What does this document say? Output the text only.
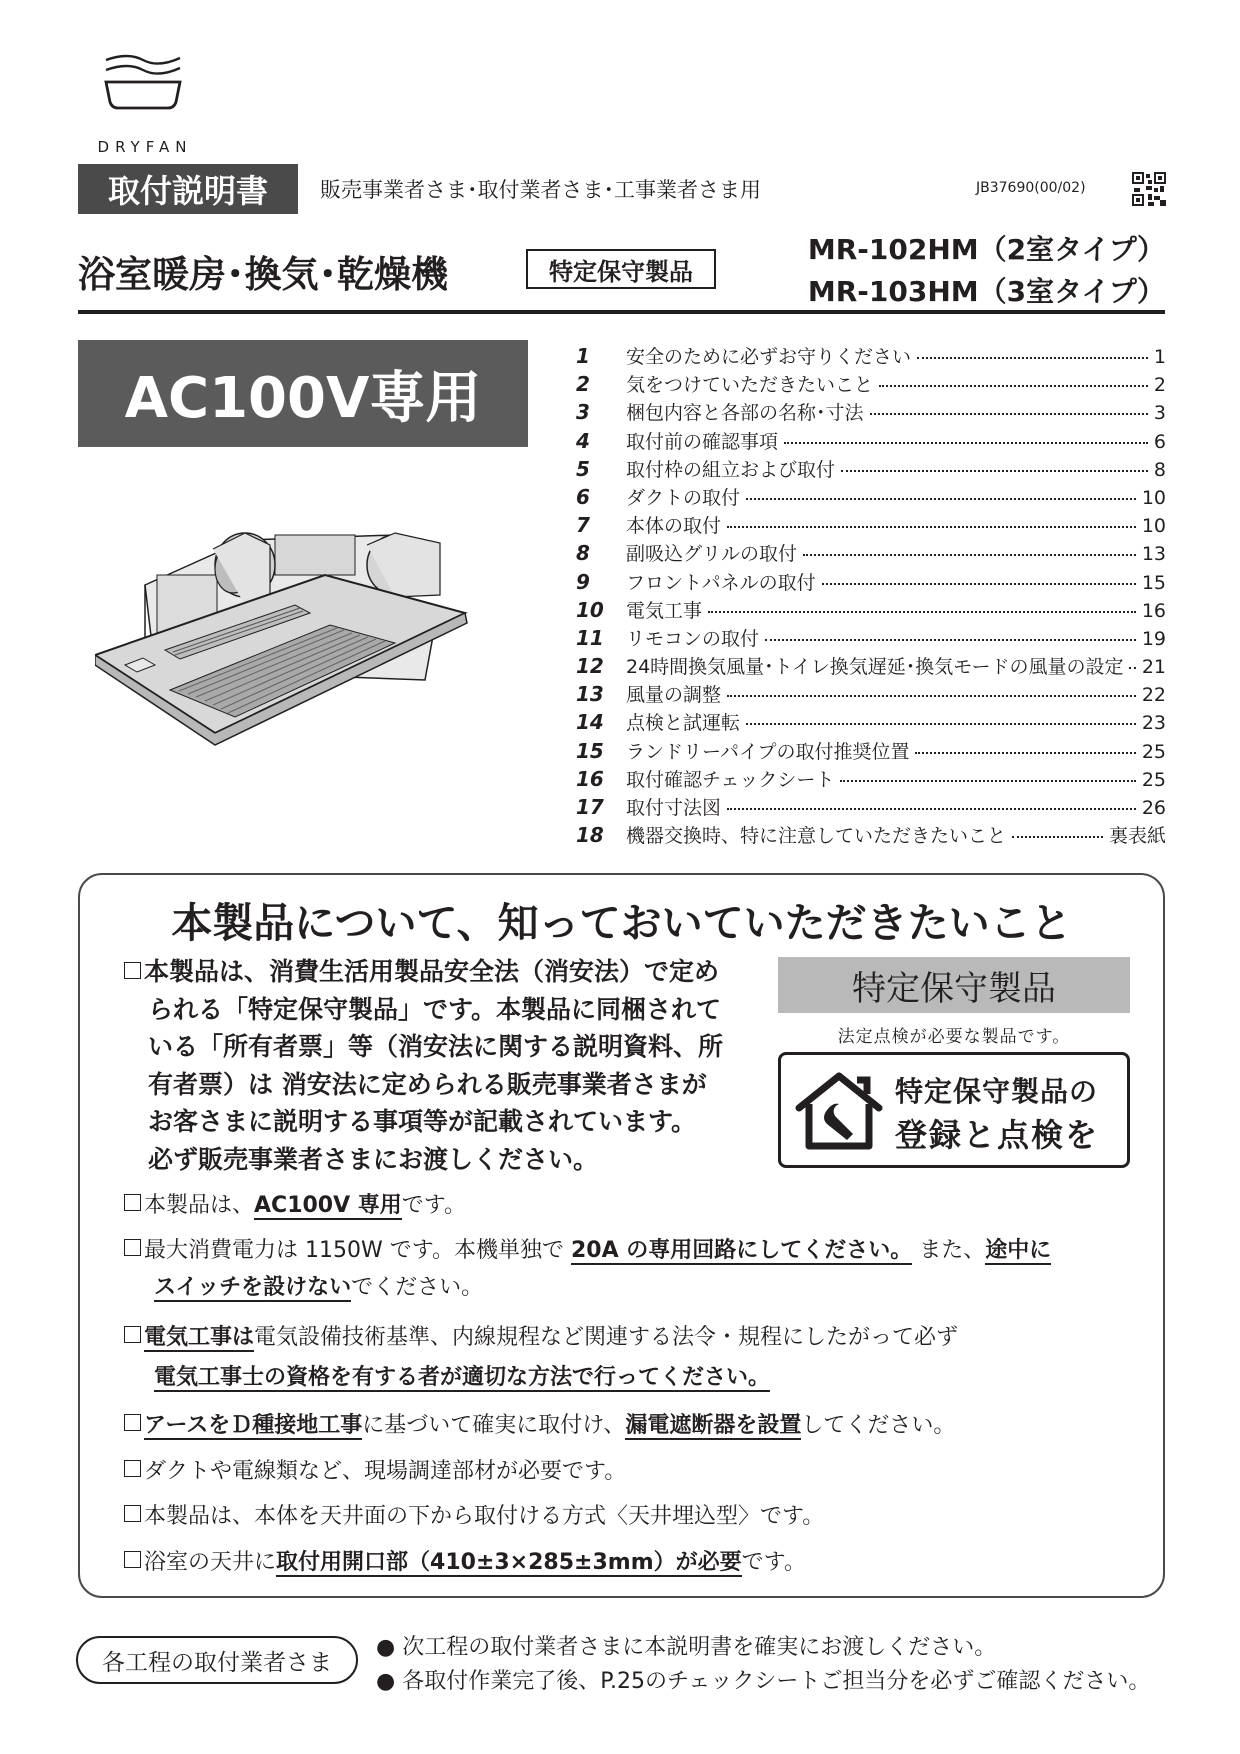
DRYFAN
取付説明書	販売事業者さま･取付業者さま･工事業者さま用	JB37690(00/02)
浴室暖房･換気･乾燥機	特定保守製品
MR-102HM（2室タイプ）
MR-103HM（3室タイプ）
AC100V専用
1	安全のために必ずお守りください	1
2	気をつけていただきたいこと	2
3	梱包内容と各部の名称･寸法	3
4	取付前の確認事項	6
5	取付枠の組立および取付	8
6	ダクトの取付	10
7	本体の取付	10
8	副吸込グリルの取付	13
9	フロントパネルの取付	15
10	電気工事	16
11	リモコンの取付	19
12	24時間換気風量･トイレ換気遅延･換気モードの風量の設定 21
13	風量の調整	22
14	点検と試運転	23
15	ランドリーパイプの取付推奨位置	25
16	取付確認チェックシート	25
17	取付寸法図	26
18	機器交換時、特に注意していただきたいこと	裏表紙
本製品について、知っておいていただきたいこと
本製品は、消費生活用製品安全法（消安法）で定め
られる「特定保守製品」です。本製品に同梱されて
いる「所有者票」等（消安法に関する説明資料、所
有者票）は 消安法に定められる販売事業者さまが
お客さまに説明する事項等が記載されています。
必ず販売事業者さまにお渡しください。
特定保守製品
法定点検が必要な製品です。
特定保守製品の
登録と点検を
本製品は、AC100V 専用です。
最大消費電力は 1150W です。本機単独で 20A の専用回路にしてください。 また、途中に
スイッチを設けないでください。
電気工事は電気設備技術基準、内線規程など関連する法令・規程にしたがって必ず
電気工事士の資格を有する者が適切な方法で行ってください。
アースをＤ種接地工事に基づいて確実に取付け、漏電遮断器を設置してください。
ダクトや電線類など、現場調達部材が必要です。
本製品は、本体を天井面の下から取付ける方式〈天井埋込型〉です。
浴室の天井に取付用開口部（410±3×285±3mm）が必要です。
各工程の取付業者さま
● 次工程の取付業者さまに本説明書を確実にお渡しください。
● 各取付作業完了後、P.25のチェックシートご担当分を必ずご確認ください。
